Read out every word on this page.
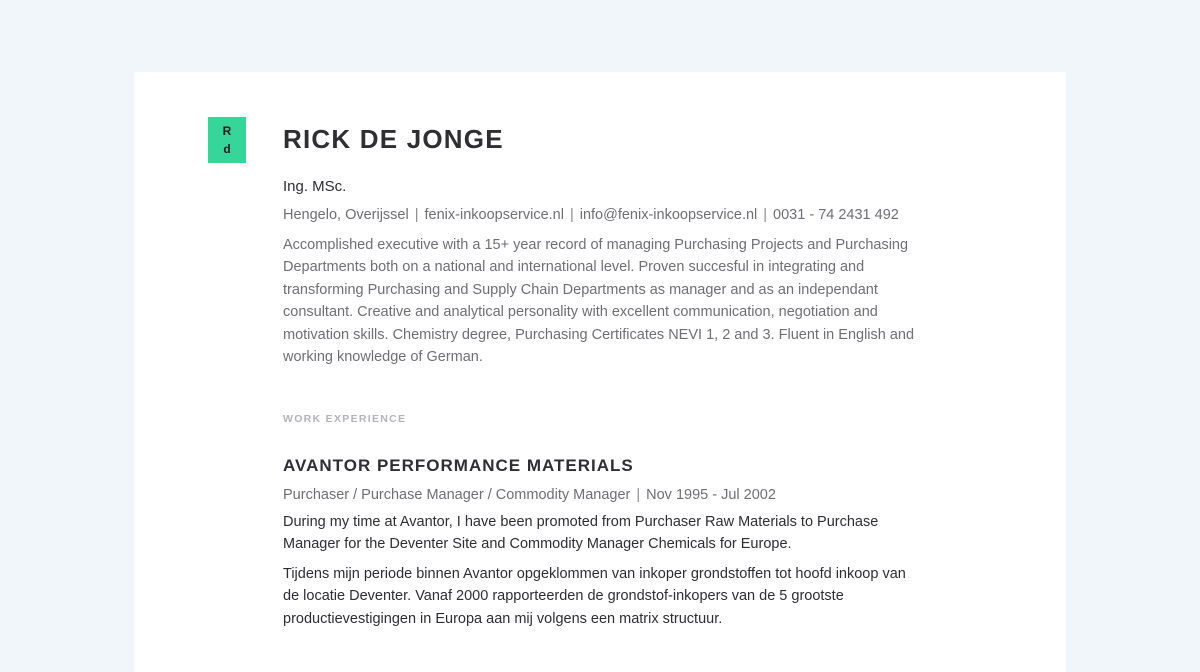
R
d RICK DE JONGE
Ing. MSc.
Hengelo, Overijssel | fenix-inkoopservice.nl | info@fenix-inkoopservice.nl | 0031 - 74 2431 492

Accomplished executive with a 15+ year record of managing Purchasing Projects and Purchasing Departments both on a national and international level. Proven succesful in integrating and transforming Purchasing and Supply Chain Departments as manager and as an independant consultant. Creative and analytical personality with excellent communication, negotiation and motivation skills. Chemistry degree, Purchasing Certificates NEVI 1, 2 and 3. Fluent in English and working knowledge of German.

WORK EXPERIENCE
AVANTOR PERFORMANCE MATERIALS
Purchaser / Purchase Manager / Commodity Manager | Nov 1995 - Jul 2002

During my time at Avantor, I have been promoted from Purchaser Raw Materials to Purchase Manager for the Deventer Site and Commodity Manager Chemicals for Europe.

Tijdens mijn periode binnen Avantor opgeklommen van inkoper grondstoffen tot hoofd inkoop van de locatie Deventer. Vanaf 2000 rapporteerden de grondstof-inkopers van de 5 grootste productievestigingen in Europa aan mij volgens een matrix structuur.
